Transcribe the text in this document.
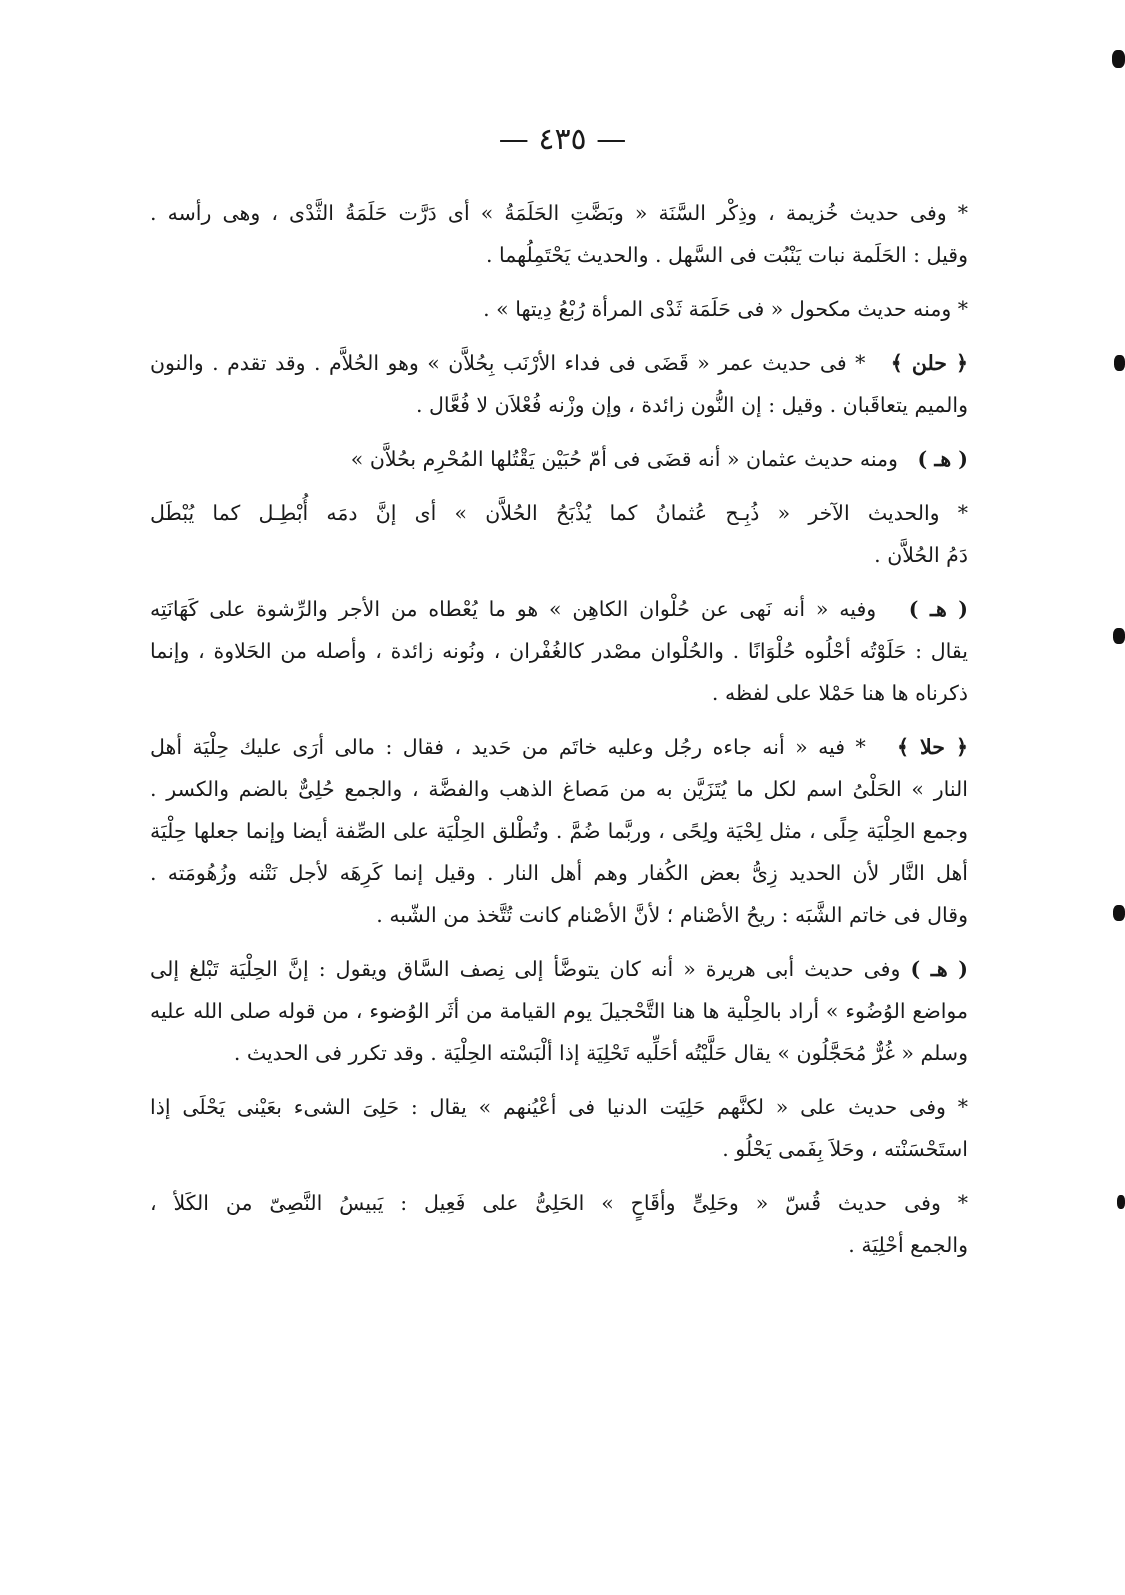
— ٤٣٥ —
* وفى حديث خُزيمة ، وذِكْر السَّنَة « وبَضَّتِ الحَلَمَةُ » أى دَرَّت حَلَمَةُ الثَّدْى ، وهى رأسه .
وقيل : الحَلَمة نبات يَنْبُت فى السَّهل . والحديث يَحْتَمِلُهما .
* ومنه حديث مكحول « فى حَلَمَة ثَدْى المرأة رُبْعُ دِيتها » .
﴿ حلن ﴾   * فى حديث عمر « قَضَى فى فداء الأرْنَب بِحُلاَّن » وهو الحُلاَّم . وقد تقدم . والنون
والميم يتعاقَبان . وقيل : إن النُّون زائدة ، وإن وزْنه فُعْلاَن لا فُعَّال .
( هـ )   ومنه حديث عثمان « أنه قضَى فى أمّ حُبَيْن يَقْتُلها المُحْرِم بحُلاَّن »
* والحديث الآخر « ذُبِـح عُثمانُ كما يُذْبَحُ الحُلاَّن » أى إنَّ دمَه أُبْطِـل كما يُبْطَل
دَمُ الحُلاَّن .
( هـ )   وفيه « أنه نَهى عن حُلْوان الكاهِن » هو ما يُعْطاه من الأجر والرِّشوة على كَهَانَتِه
يقال : حَلَوْتُه أحْلُوه حُلْوَانًا . والحُلْوان مصْدر كالغُفْران ، ونُونه زائدة ، وأصله من الحَلاوة ، وإنما
ذكرناه ها هنا حَمْلا على لفظه .
﴿ حلا ﴾   * فيه « أنه جاءه رجُل وعليه خاتَم من حَديد ، فقال : مالى أرَى عليك حِلْيَة أهل
النار » الحَلْىُ اسم لكل ما يُتَزَيَّن به من مَصاغ الذهب والفضَّة ، والجمع حُلِىٌّ بالضم والكسر .
وجمع الحِلْيَة حِلًى ، مثل لِحْيَة ولِحًى ، وربَّما ضُمَّ . وتُطْلق الحِلْيَة على الصِّفة أيضا وإنما جعلها حِلْيَة
أهل النَّار لأن الحديد زِىُّ بعض الكُفار وهم أهل النار . وقيل إنما كَرِهَه لأجل نَتْنه وزُهُومَته .
وقال فى خاتم الشَّبَه : ريحُ الأصْنام ؛ لأنَّ الأصْنام كانت تُتَّخذ من الشّبه .
( هـ ) وفى حديث أبى هريرة « أنه كان يتوضَّأ إلى نِصف السَّاق ويقول : إنَّ الحِلْيَة تَبْلغ إلى
مواضع الوُضُوء » أراد بالحِلْية ها هنا التَّحْجيلَ يوم القيامة من أثَر الوُضوء ، من قوله صلى الله عليه
وسلم « غُرٌّ مُحَجَّلُون » يقال حَلَّيْتُه أحَلِّيه تَحْلِيَة إذا ألْبَسْته الحِلْيَة . وقد تكرر فى الحديث .
* وفى حديث على « لكنَّهم حَلِيَت الدنيا فى أعْيُنهم » يقال : حَلِىَ الشىء بعَيْنى يَحْلَى إذا
استَحْسَنْته ، وحَلاَ بِفَمى يَحْلُو .
* وفى حديث قُسّ « وحَلِىٍّ وأقَاحٍ » الحَلِىُّ على فَعِيل : يَبيسُ النَّصِىّ من الكَلأ ،
والجمع أحْلِيَة .
